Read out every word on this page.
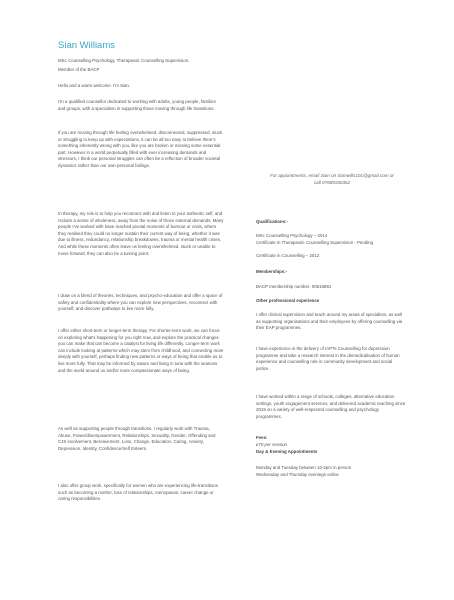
Sian Williams
MSc Counselling Psychology, Therapeutic Counselling Supervision,
Member of the BACP
Hello and a warm welcome. I'm Sian.
I'm a qualified counsellor dedicated to working with adults, young people, families and groups, with a specialism in supporting those moving through life transitions.
If you are moving through life feeling overwhelmed, disconnected, suppressed, stuck or struggling to keep up with expectations, it can be all too easy to believe there's something inherently wrong with you, like you are broken or missing some essential part. However in a world perpetually filled with ever increasing demands and stressors, I think our personal struggles can often be a reflection of broader societal dynamics rather than our own personal failings.
In therapy, my role is to help you reconnect with and listen to your authentic self, and reclaim a sense of wholeness, away from the noise of those external demands. Many people I've worked with have reached pivotal moments of burnout or crisis, where they realised they could no longer sustain their current way of being, whether it was due to illness, redundancy, relationship breakdowns, trauma or mental health crises. And while these moments often leave us feeling overwhelmed, stuck or unable to move forward, they can also be a turning point.
I draw on a blend of theories, techniques, and psycho-education and offer a space of safety and confidentiality where you can explore new perspectives, reconnect with yourself, and discover pathways to live more fully.
I offer either short-term or longer-term therapy. For shorter-term work, we can focus on exploring what's happening for you right now, and explore the practical changes you can make that can become a catalyst for living life differently. Longer-term work can include looking at patterns which may stem from childhood, and connecting more deeply with yourself, perhaps finding new patterns or ways of being that enable us to live more fully. That may be informed by nature and living in tune with the seasons and the world around us and/or more compassionate ways of being.
As well as supporting people through transitions, I regularly work with Trauma, Abuse, Power/disempowerment, Relationships, Sexuality, Gender, Offending and CJS involvement, Bereavement, Loss, Change, Education, Caring, Anxiety, Depression, Identity, Confidence/Self Esteem.
I also offer group work, specifically for women who are experiencing life-transitions such as becoming a mother, loss of relationships, menopause, career change or caring responsibilities.
For appointments, email Sian on Sianwills101@gmail.com or call 07889180362
Qualifications:-
MSc Counselling Psychology – 2014
Certificate in Therapeutic Counselling Supervision - Pending
Certificate in Counselling – 2012
Memberships:-
BACP membership number: 00616881
Other professional experience
I offer clinical supervision and teach around my areas of specialism, as well as supporting organisations and their employees by offering counselling via their EAP programmes.
I have experience in the delivery of IAPTs Counselling for depression programme and take a research interest in the demedicalisation of human experience and counselling role in community development and social justice.
I have worked within a range of schools, colleges, alternative education settings, youth engagement services, and delivered academic teaching since 2019 on a variety of well-respected counselling and psychology programmes.
Fees:
£70 per session
Day & Evening Appointments
Monday and Tuesday between 10-2pm in person
Wednesday and Thursday evenings online
